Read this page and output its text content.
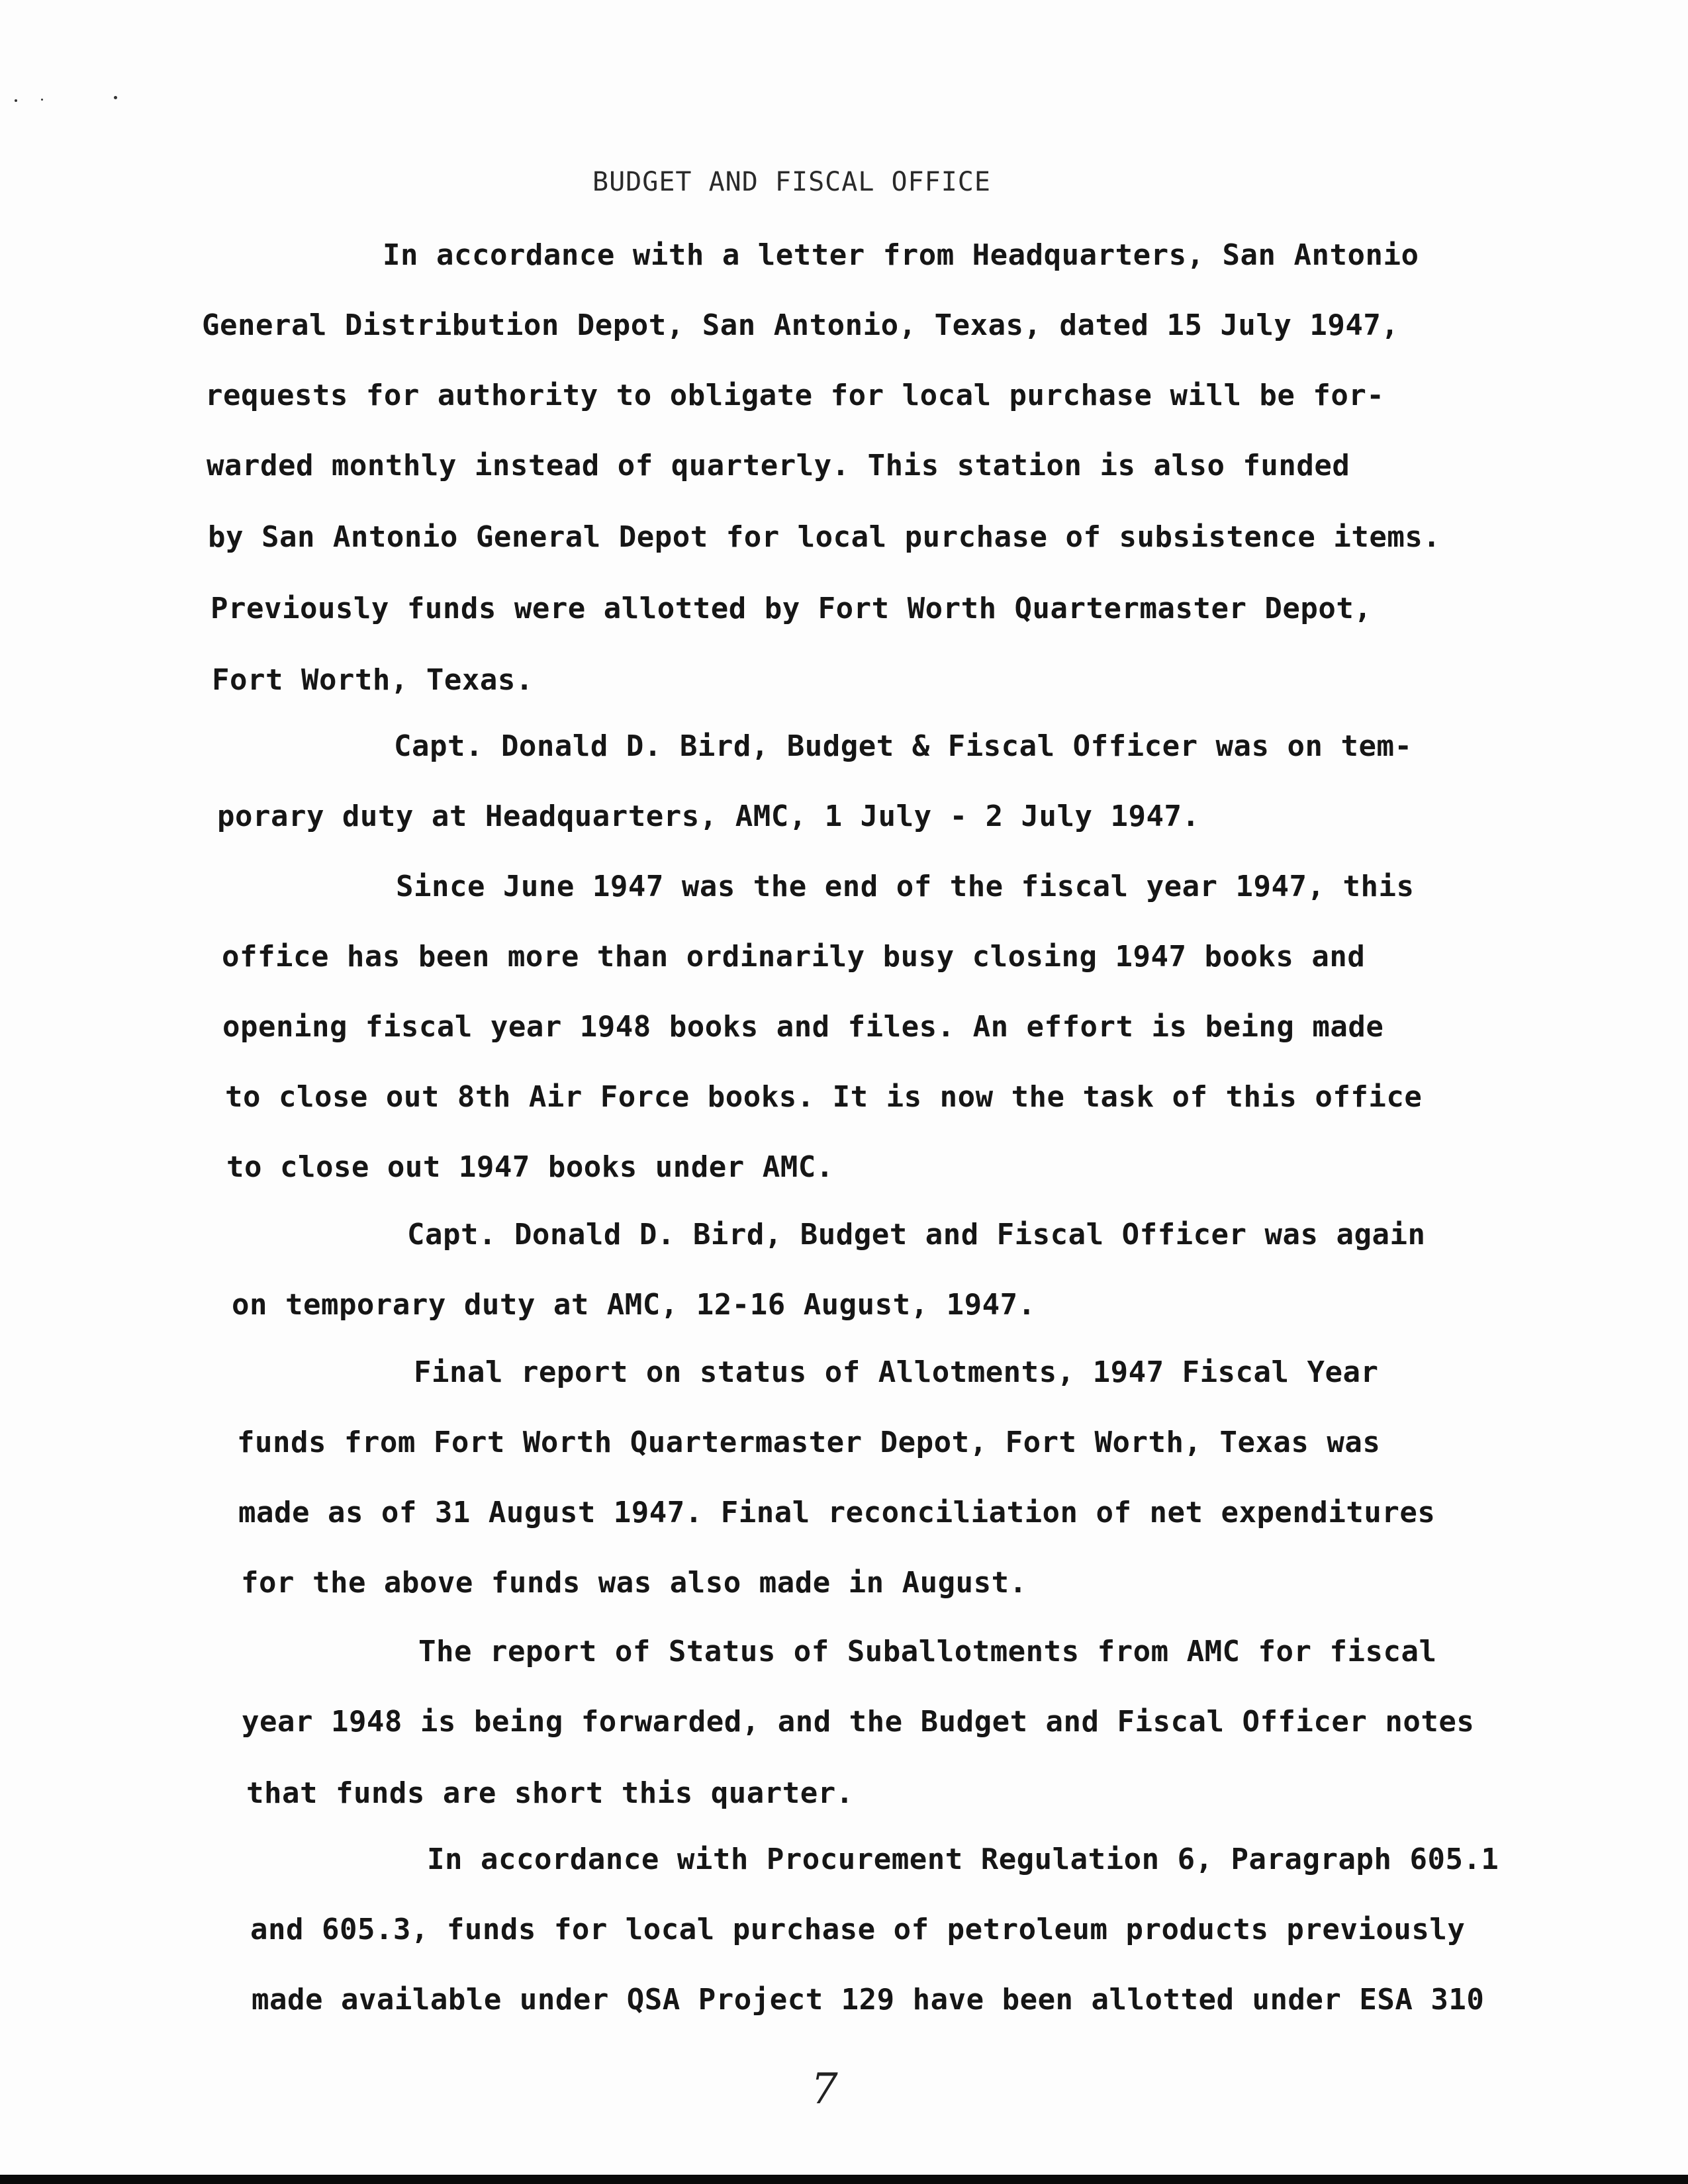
BUDGET AND FISCAL OFFICE
In accordance with a letter from Headquarters, San Antonio
General Distribution Depot, San Antonio, Texas, dated 15 July 1947,
requests for authority to obligate for local purchase will be for-
warded monthly instead of quarterly. This station is also funded
by San Antonio General Depot for local purchase of subsistence items.
Previously funds were allotted by Fort Worth Quartermaster Depot,
Fort Worth, Texas.
Capt. Donald D. Bird, Budget & Fiscal Officer was on tem-
porary duty at Headquarters, AMC, 1 July - 2 July 1947.
Since June 1947 was the end of the fiscal year 1947, this
office has been more than ordinarily busy closing 1947 books and
opening fiscal year 1948 books and files. An effort is being made
to close out 8th Air Force books. It is now the task of this office
to close out 1947 books under AMC.
Capt. Donald D. Bird, Budget and Fiscal Officer was again
on temporary duty at AMC, 12-16 August, 1947.
Final report on status of Allotments, 1947 Fiscal Year
funds from Fort Worth Quartermaster Depot, Fort Worth, Texas was
made as of 31 August 1947. Final reconciliation of net expenditures
for the above funds was also made in August.
The report of Status of Suballotments from AMC for fiscal
year 1948 is being forwarded, and the Budget and Fiscal Officer notes
that funds are short this quarter.
In accordance with Procurement Regulation 6, Paragraph 605.1
and 605.3, funds for local purchase of petroleum products previously
made available under QSA Project 129 have been allotted under ESA 310
7
